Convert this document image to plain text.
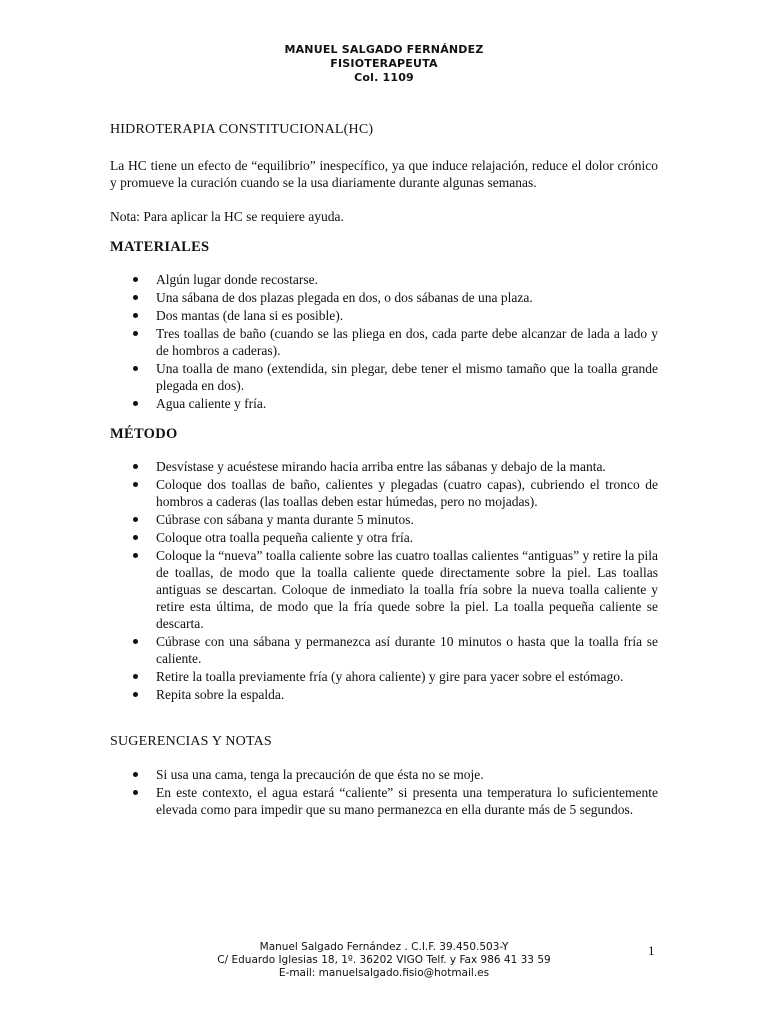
MANUEL SALGADO FERNÁNDEZ
FISIOTERAPEUTA
Col. 1109

HIDROTERAPIA CONSTITUCIONAL(HC)

La HC tiene un efecto de “equilibrio” inespecífico, ya que induce relajación, reduce el dolor crónico y promueve la curación cuando se la usa diariamente durante algunas semanas.

Nota: Para aplicar la HC se requiere ayuda.

MATERIALES

Algún lugar donde recostarse.
Una sábana de dos plazas plegada en dos, o dos sábanas de una plaza.
Dos mantas (de lana si es posible).
Tres toallas de baño (cuando se las pliega en dos, cada parte debe alcanzar de lada a lado y de hombros a caderas).
Una toalla de mano (extendida, sin plegar, debe tener el mismo tamaño que la toalla grande plegada en dos).
Agua caliente y fría.

MÉTODO

Desvístase y acuéstese mirando hacia arriba entre las sábanas y debajo de la manta.
Coloque dos toallas de baño, calientes y plegadas (cuatro capas), cubriendo el tronco de hombros a caderas (las toallas deben estar húmedas, pero no mojadas).
Cúbrase con sábana y manta durante 5 minutos.
Coloque otra toalla pequeña caliente y otra fría.
Coloque la “nueva” toalla caliente sobre las cuatro toallas calientes “antiguas” y retire la pila de toallas, de modo que la toalla caliente quede directamente sobre la piel. Las toallas antiguas se descartan. Coloque de inmediato la toalla fría sobre la nueva toalla caliente y retire esta última, de modo que la fría quede sobre la piel. La toalla pequeña caliente se descarta.
Cúbrase con una sábana y permanezca así durante 10 minutos o hasta que la toalla fría se caliente.
Retire la toalla previamente fría (y ahora caliente) y gire para yacer sobre el estómago.
Repita sobre la espalda.

SUGERENCIAS Y NOTAS

Si usa una cama, tenga la precaución de que ésta no se moje.
En este contexto, el agua estará “caliente” si presenta una temperatura lo suficientemente elevada como para impedir que su mano permanezca en ella durante más de 5 segundos.
Manuel Salgado Fernández . C.I.F. 39.450.503-Y
C/ Eduardo Iglesias 18, 1º. 36202 VIGO Telf. y Fax 986 41 33 59
E-mail: manuelsalgado.fisio@hotmail.es
1
